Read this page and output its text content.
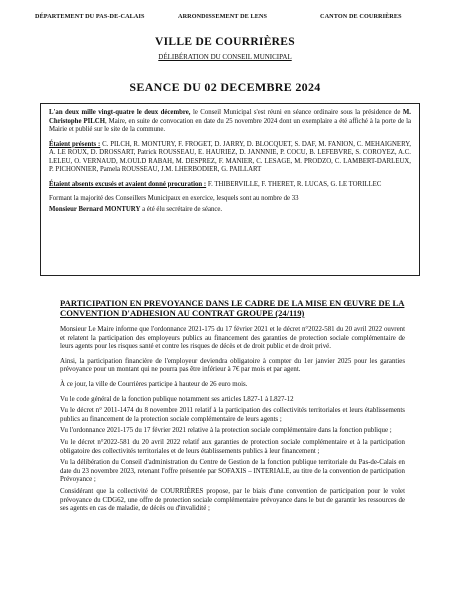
DÉPARTEMENT DU PAS-DE-CALAIS	ARRONDISSEMENT DE LENS	CANTON DE COURRIÈRES
VILLE DE COURRIÈRES
DÉLIBÉRATION DU CONSEIL MUNICIPAL
SEANCE DU 02 DECEMBRE 2024

L'an deux mille vingt-quatre le deux décembre, le Conseil Municipal s'est réuni en séance ordinaire sous la présidence de M. Christophe PILCH, Maire, en suite de convocation en date du 25 novembre 2024 dont un exemplaire a été affiché à la porte de la Mairie et publié sur le site de la commune.

Étaient présents : C. PILCH, R. MONTURY, F. FROGET, D. JARRY, D. BLOCQUET, S. DAF, M. FANION, C. MEHAIGNERY, A. LE ROUX, D. DROSSART, Patrick ROUSSEAU, E. HAURIEZ, D. JANNNIE, P. COCU, B. LEFEBVRE, S. COROYEZ, A.C. LELEU, O. VERNAUD, M.OULD RABAH, M. DESPREZ, F. MANIER, C. LESAGE, M. PRODZO, C. LAMBERT-DARLEUX, P. PICHONNIER, Pamela ROUSSEAU, J.M. LHERBODIER, G. PAILLART

Étaient absents excusés et avaient donné procuration : F. THIBERVILLE, F. THERET, R. LUCAS, G. LE TORILLEC

Formant la majorité des Conseillers Municipaux en exercice, lesquels sont au nombre de 33

Monsieur Bernard MONTURY a été élu secrétaire de séance.

PARTICIPATION EN PREVOYANCE DANS LE CADRE DE LA MISE EN ŒUVRE DE LA CONVENTION D'ADHESION AU CONTRAT GROUPE (24/119)

Monsieur Le Maire informe que l'ordonnance 2021-175 du 17 février 2021 et le décret n°2022-581 du 20 avril 2022 ouvrent et relatent la participation des employeurs publics au financement des garanties de protection sociale complémentaire de leurs agents pour les risques santé et contre les risques de décès et de droit public et de droit privé.

Ainsi, la participation financière de l'employeur deviendra obligatoire à compter du 1er janvier 2025 pour les garanties prévoyance pour un montant qui ne pourra pas être inférieur à 7€ par mois et par agent.

À ce jour, la ville de Courrières participe à hauteur de 26 euro mois.

Vu le code général de la fonction publique notamment ses articles L827-1 à L827-12

Vu le décret n° 2011-1474 du 8 novembre 2011 relatif à la participation des collectivités territoriales et leurs établissements publics au financement de la protection sociale complémentaire de leurs agents ;

Vu l'ordonnance 2021-175 du 17 février 2021 relative à la protection sociale complémentaire dans la fonction publique ;

Vu le décret n°2022-581 du 20 avril 2022 relatif aux garanties de protection sociale complémentaire et à la participation obligatoire des collectivités territoriales et de leurs établissements publics à leur financement ;

Vu la délibération du Conseil d'administration du Centre de Gestion de la fonction publique territoriale du Pas-de-Calais en date du 23 novembre 2023, retenant l'offre présentée par SOFAXIS – INTERIALE, au titre de la convention de participation Prévoyance ;

Considérant que la collectivité de COURRIÈRES propose, par le biais d'une convention de participation pour le volet prévoyance du CDG62, une offre de protection sociale complémentaire prévoyance dans le but de garantir les ressources de ses agents en cas de maladie, de décès ou d'invalidité ;
